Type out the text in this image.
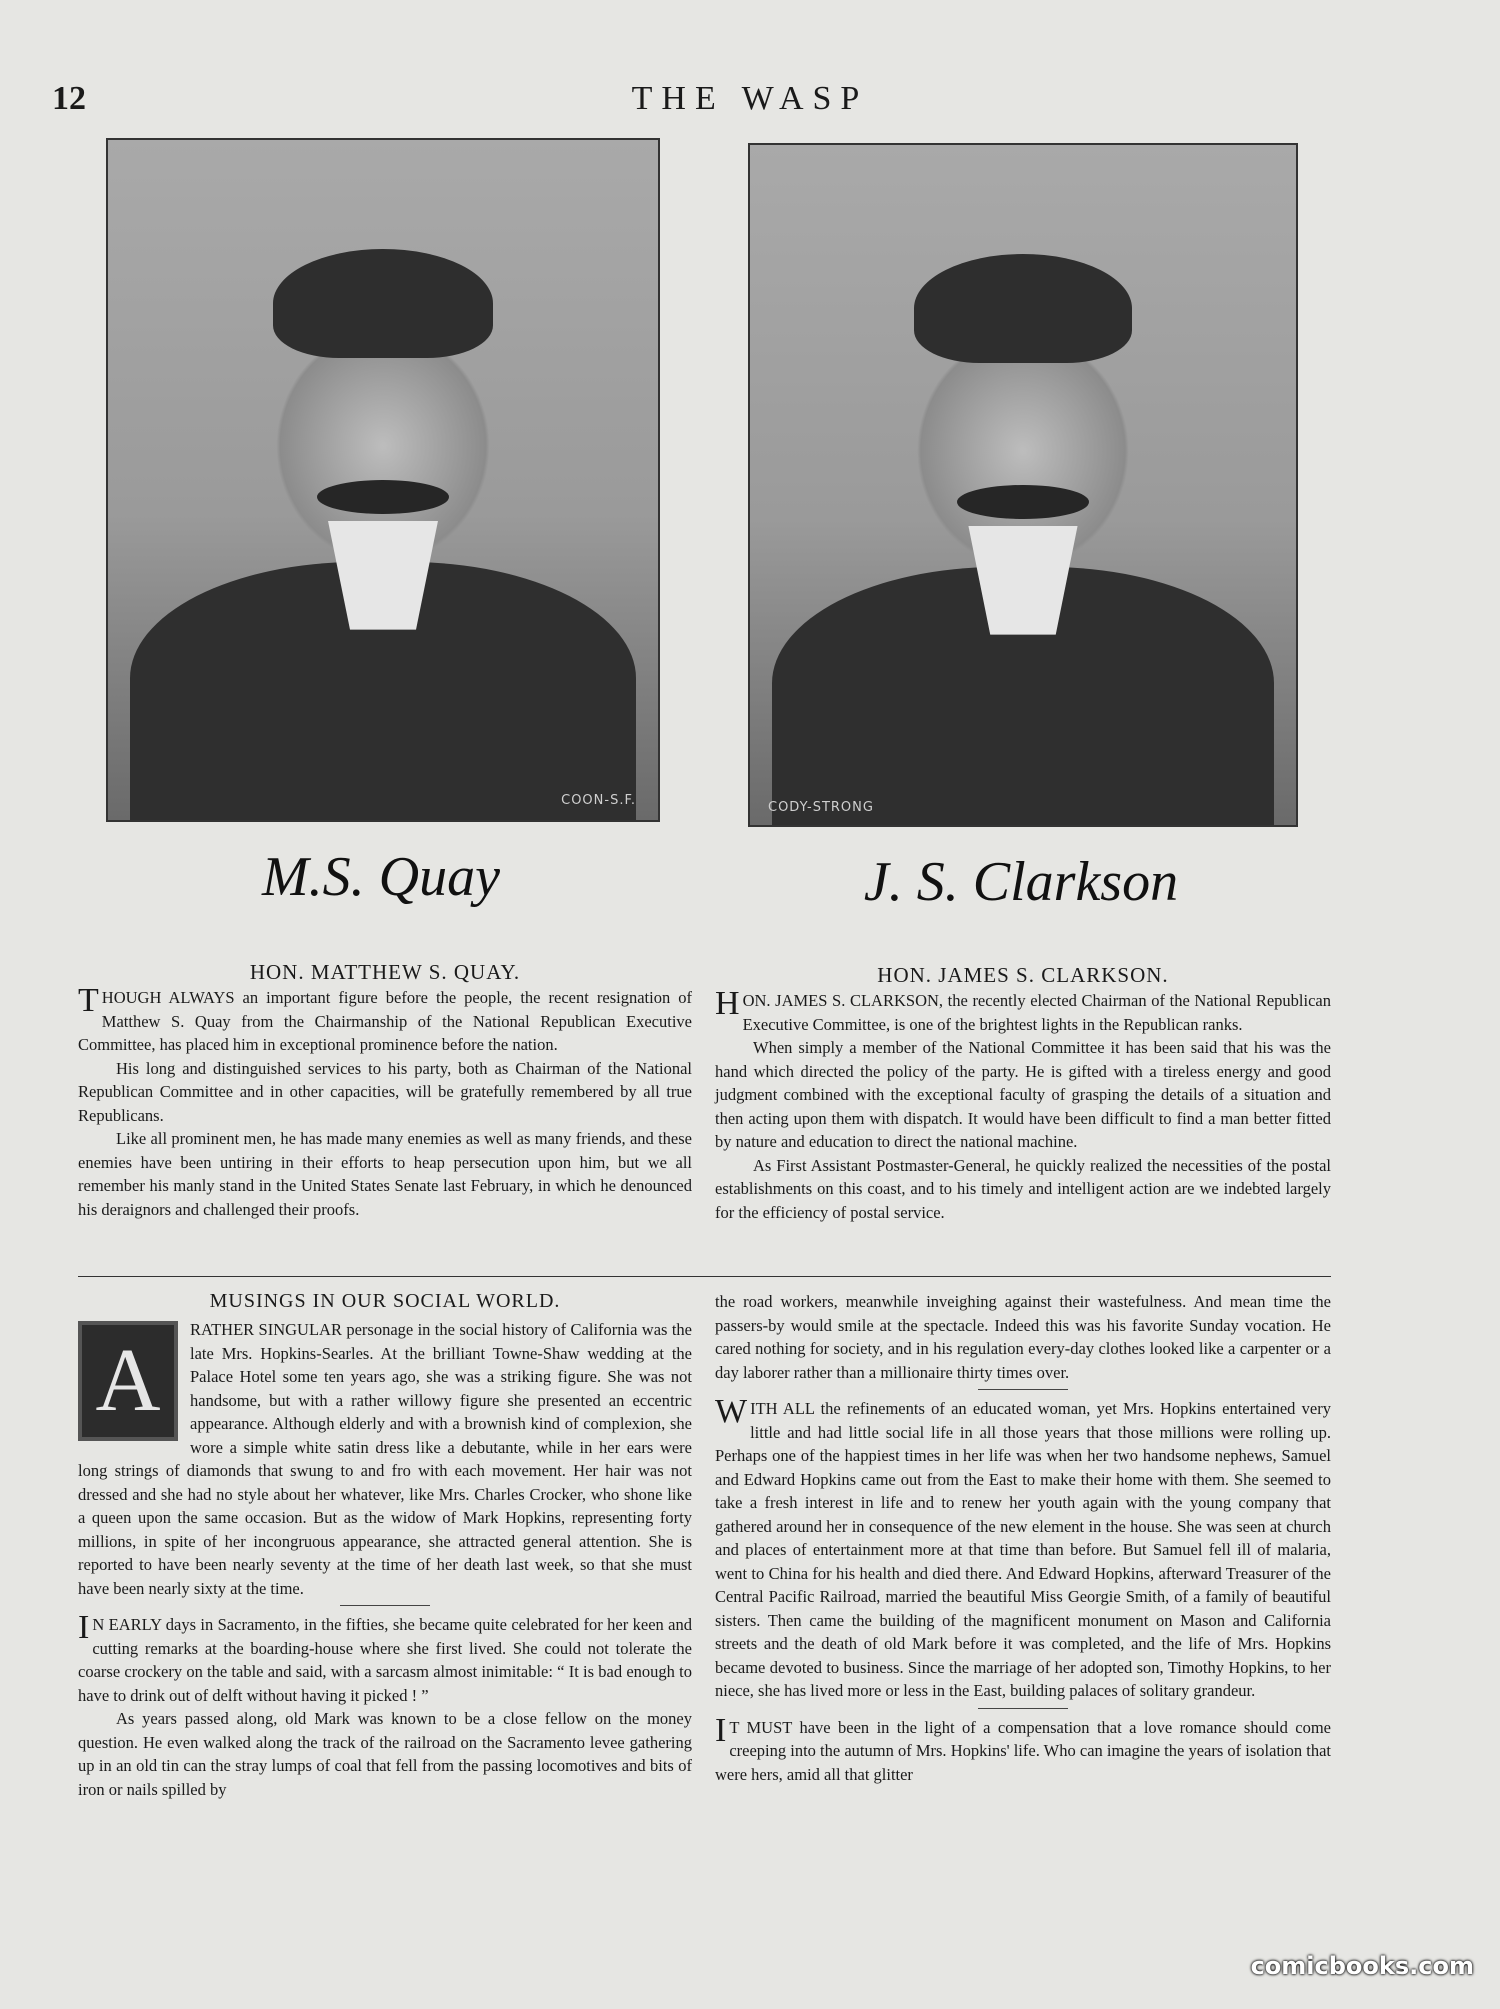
12	THE WASP
COON-S.F.	CODY-STRONG
M.S. Quay	J. S. Clarkson
HON. MATTHEW S. QUAY.	HON. JAMES S. CLARKSON.

THOUGH ALWAYS an important figure before the people, the recent resignation of Matthew S. Quay from the Chairmanship of the National Republican Executive Committee, has placed him in exceptional prominence before the nation.

His long and distinguished services to his party, both as Chairman of the National Republican Committee and in other capacities, will be gratefully remembered by all true Republicans.

Like all prominent men, he has made many enemies as well as many friends, and these enemies have been untiring in their efforts to heap persecution upon him, but we all remember his manly stand in the United States Senate last February, in which he denounced his deraignors and challenged their proofs.

HON. JAMES S. CLARKSON, the recently elected Chairman of the National Republican Executive Committee, is one of the brightest lights in the Republican ranks.

When simply a member of the National Committee it has been said that his was the hand which directed the policy of the party. He is gifted with a tireless energy and good judgment combined with the exceptional faculty of grasping the details of a situation and then acting upon them with dispatch. It would have been difficult to find a man better fitted by nature and education to direct the national machine.

As First Assistant Postmaster-General, he quickly realized the necessities of the postal establishments on this coast, and to his timely and intelligent action are we indebted largely for the efficiency of postal service.

MUSINGS IN OUR SOCIAL WORLD.

A
RATHER SINGULAR personage in the social history of California was the late Mrs. Hopkins-Searles. At the brilliant Towne-Shaw wedding at the Palace Hotel some ten years ago, she was a striking figure. She was not handsome, but with a rather willowy figure she presented an eccentric appearance. Although elderly and with a brownish kind of complexion, she wore a simple white satin dress like a debutante, while in her ears were long strings of diamonds that swung to and fro with each movement. Her hair was not dressed and she had no style about her whatever, like Mrs. Charles Crocker, who shone like a queen upon the same occasion. But as the widow of Mark Hopkins, representing forty millions, in spite of her incongruous appearance, she attracted general attention. She is reported to have been nearly seventy at the time of her death last week, so that she must have been nearly sixty at the time.

I N EARLY days in Sacramento, in the fifties, she became quite celebrated for her keen and cutting remarks at the boarding-house where she first lived. She could not tolerate the coarse crockery on the table and said, with a sarcasm almost inimitable: “ It is bad enough to have to drink out of delft without having it picked ! ”

As years passed along, old Mark was known to be a close fellow on the money question. He even walked along the track of the railroad on the Sacramento levee gathering up in an old tin can the stray lumps of coal that fell from the passing locomotives and bits of iron or nails spilled by

the road workers, meanwhile inveighing against their wastefulness. And mean time the passers-by would smile at the spectacle. Indeed this was his favorite Sunday vocation. He cared nothing for society, and in his regulation every-day clothes looked like a carpenter or a day laborer rather than a millionaire thirty times over.

WITH ALL the refinements of an educated woman, yet Mrs. Hopkins entertained very little and had little social life in all those years that those millions were rolling up. Perhaps one of the happiest times in her life was when her two handsome nephews, Samuel and Edward Hopkins came out from the East to make their home with them. She seemed to take a fresh interest in life and to renew her youth again with the young company that gathered around her in consequence of the new element in the house. She was seen at church and places of entertainment more at that time than before. But Samuel fell ill of malaria, went to China for his health and died there. And Edward Hopkins, afterward Treasurer of the Central Pacific Railroad, married the beautiful Miss Georgie Smith, of a family of beautiful sisters. Then came the building of the magnificent monument on Mason and California streets and the death of old Mark before it was completed, and the life of Mrs. Hopkins became devoted to business. Since the marriage of her adopted son, Timothy Hopkins, to her niece, she has lived more or less in the East, building palaces of solitary grandeur.

I T MUST have been in the light of a compensation that a love romance should come creeping into the autumn of Mrs. Hopkins' life. Who can imagine the years of isolation that were hers, amid all that glitter

comicbooks.com
